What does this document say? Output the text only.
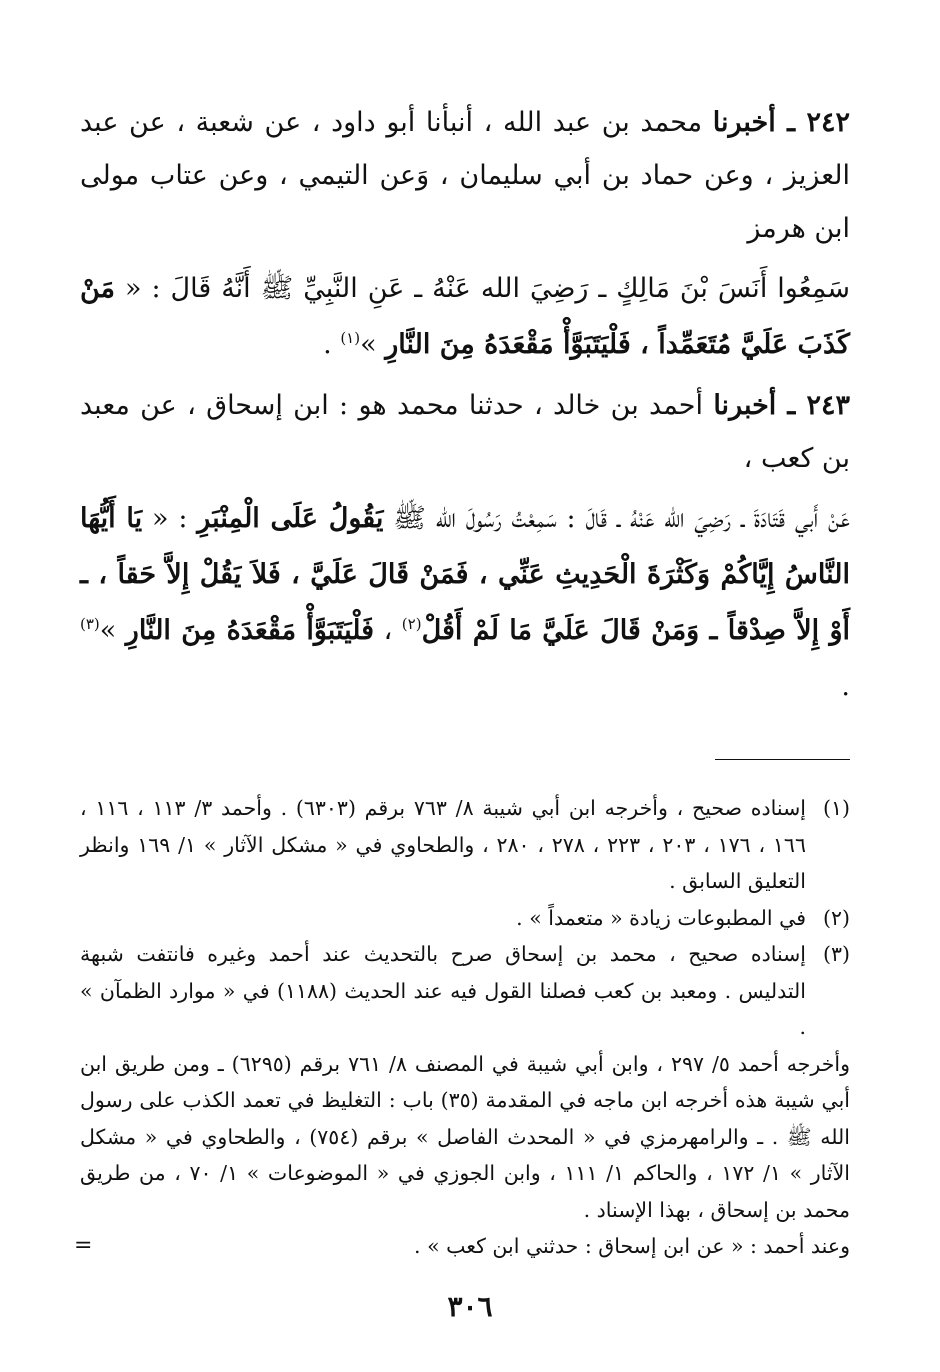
٢٤٢ ـ أخبرنا محمد بن عبد الله ، أنبأنا أبو داود ، عن شعبة ، عن عبد العزيز ، وعن حماد بن أبي سليمان ، وَعن التيمي ، وعن عتاب مولى ابن هرمز

سَمِعُوا أَنَسَ بْنَ مَالِكٍ ـ رَضِيَ الله عَنْهُ ـ عَنِ النَّبِيِّ ﷺ أَنَّهُ قَالَ : « مَنْ كَذَبَ عَلَيَّ مُتَعَمِّداً ، فَلْيَتَبَوَّأْ مَقْعَدَهُ مِنَ النَّارِ »$^{(١)}$ .

٢٤٣ ـ أخبرنا أحمد بن خالد ، حدثنا محمد هو : ابن إسحاق ، عن معبد بن كعب ،

عَنْ أَبي قَتَادَةَ ـ رَضِيَ الله عَنْهُ ـ قَالَ : سَمِعْتُ رَسُولَ الله ﷺ يَقُولُ عَلَى الْمِنْبَرِ : « يَا أَيُّهَا النَّاسُ إِيَّاكُمْ وَكَثْرَةَ الْحَدِيثِ عَنِّي ، فَمَنْ قَالَ عَلَيَّ ، فَلاَ يَقُلْ إِلاَّ حَقاً ، ـ أَوْ إِلاَّ صِدْقاً ـ وَمَنْ قَالَ عَلَيَّ مَا لَمْ أَقُلْ$^{(٢)}$ ، فَلْيَتَبَوَّأْ مَقْعَدَهُ مِنَ النَّارِ »$^{(٣)}$ .

(١)
إسناده صحيح ، وأخرجه ابن أبي شيبة ٨/ ٧٦٣ برقم (٦٣٠٣) . وأحمد ٣/ ١١٣ ، ١١٦ ، ١٦٦ ، ١٧٦ ، ٢٠٣ ، ٢٢٣ ، ٢٧٨ ، ٢٨٠ ، والطحاوي في « مشكل الآثار » ١/ ١٦٩ وانظر التعليق السابق .
(٢)
في المطبوعات زيادة « متعمداً » .
(٣)
إسناده صحيح ، محمد بن إسحاق صرح بالتحديث عند أحمد وغيره فانتفت شبهة التدليس . ومعبد بن كعب فصلنا القول فيه عند الحديث (١١٨٨) في « موارد الظمآن » .
وأخرجه أحمد ٥/ ٢٩٧ ، وابن أبي شيبة في المصنف ٨/ ٧٦١ برقم (٦٢٩٥) ـ ومن طريق ابن أبي شيبة هذه أخرجه ابن ماجه في المقدمة (٣٥) باب : التغليظ في تعمد الكذب على رسول الله ﷺ . ـ والرامهرمزي في « المحدث الفاصل » برقم (٧٥٤) ، والطحاوي في « مشكل الآثار » ١/ ١٧٢ ، والحاكم ١/ ١١١ ، وابن الجوزي في « الموضوعات » ١/ ٧٠ ، من طريق محمد بن إسحاق ، بهذا الإسناد .
وعند أحمد : « عن ابن إسحاق : حدثني ابن كعب » .
=
٣٠٦
